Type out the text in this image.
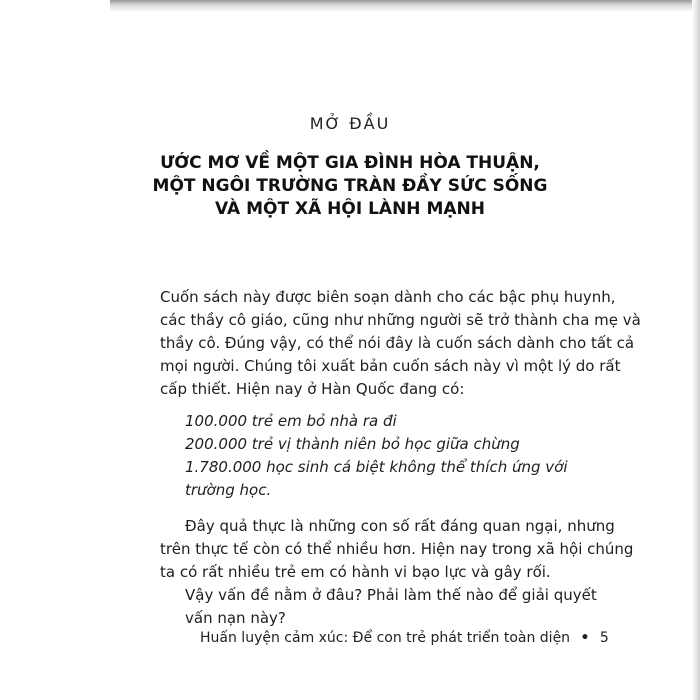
MỞ ĐẦU
ƯỚC MƠ VỀ MỘT GIA ĐÌNH HÒA THUẬN,
MỘT NGÔI TRƯỜNG TRÀN ĐẦY SỨC SỐNG
VÀ MỘT XÃ HỘI LÀNH MẠNH
Cuốn sách này được biên soạn dành cho các bậc phụ huynh,
các thầy cô giáo, cũng như những người sẽ trở thành cha mẹ và
thầy cô. Đúng vậy, có thể nói đây là cuốn sách dành cho tất cả
mọi người. Chúng tôi xuất bản cuốn sách này vì một lý do rất
cấp thiết. Hiện nay ở Hàn Quốc đang có:
100.000 trẻ em bỏ nhà ra đi
200.000 trẻ vị thành niên bỏ học giữa chừng
1.780.000 học sinh cá biệt không thể thích ứng với
trường học.
Đây quả thực là những con số rất đáng quan ngại, nhưng
trên thực tế còn có thể nhiều hơn. Hiện nay trong xã hội chúng
ta có rất nhiều trẻ em có hành vi bạo lực và gây rối.
Vậy vấn đề nằm ở đâu? Phải làm thế nào để giải quyết
vấn nạn này?
Huấn luyện cảm xúc: Để con trẻ phát triển toàn diện • 5
